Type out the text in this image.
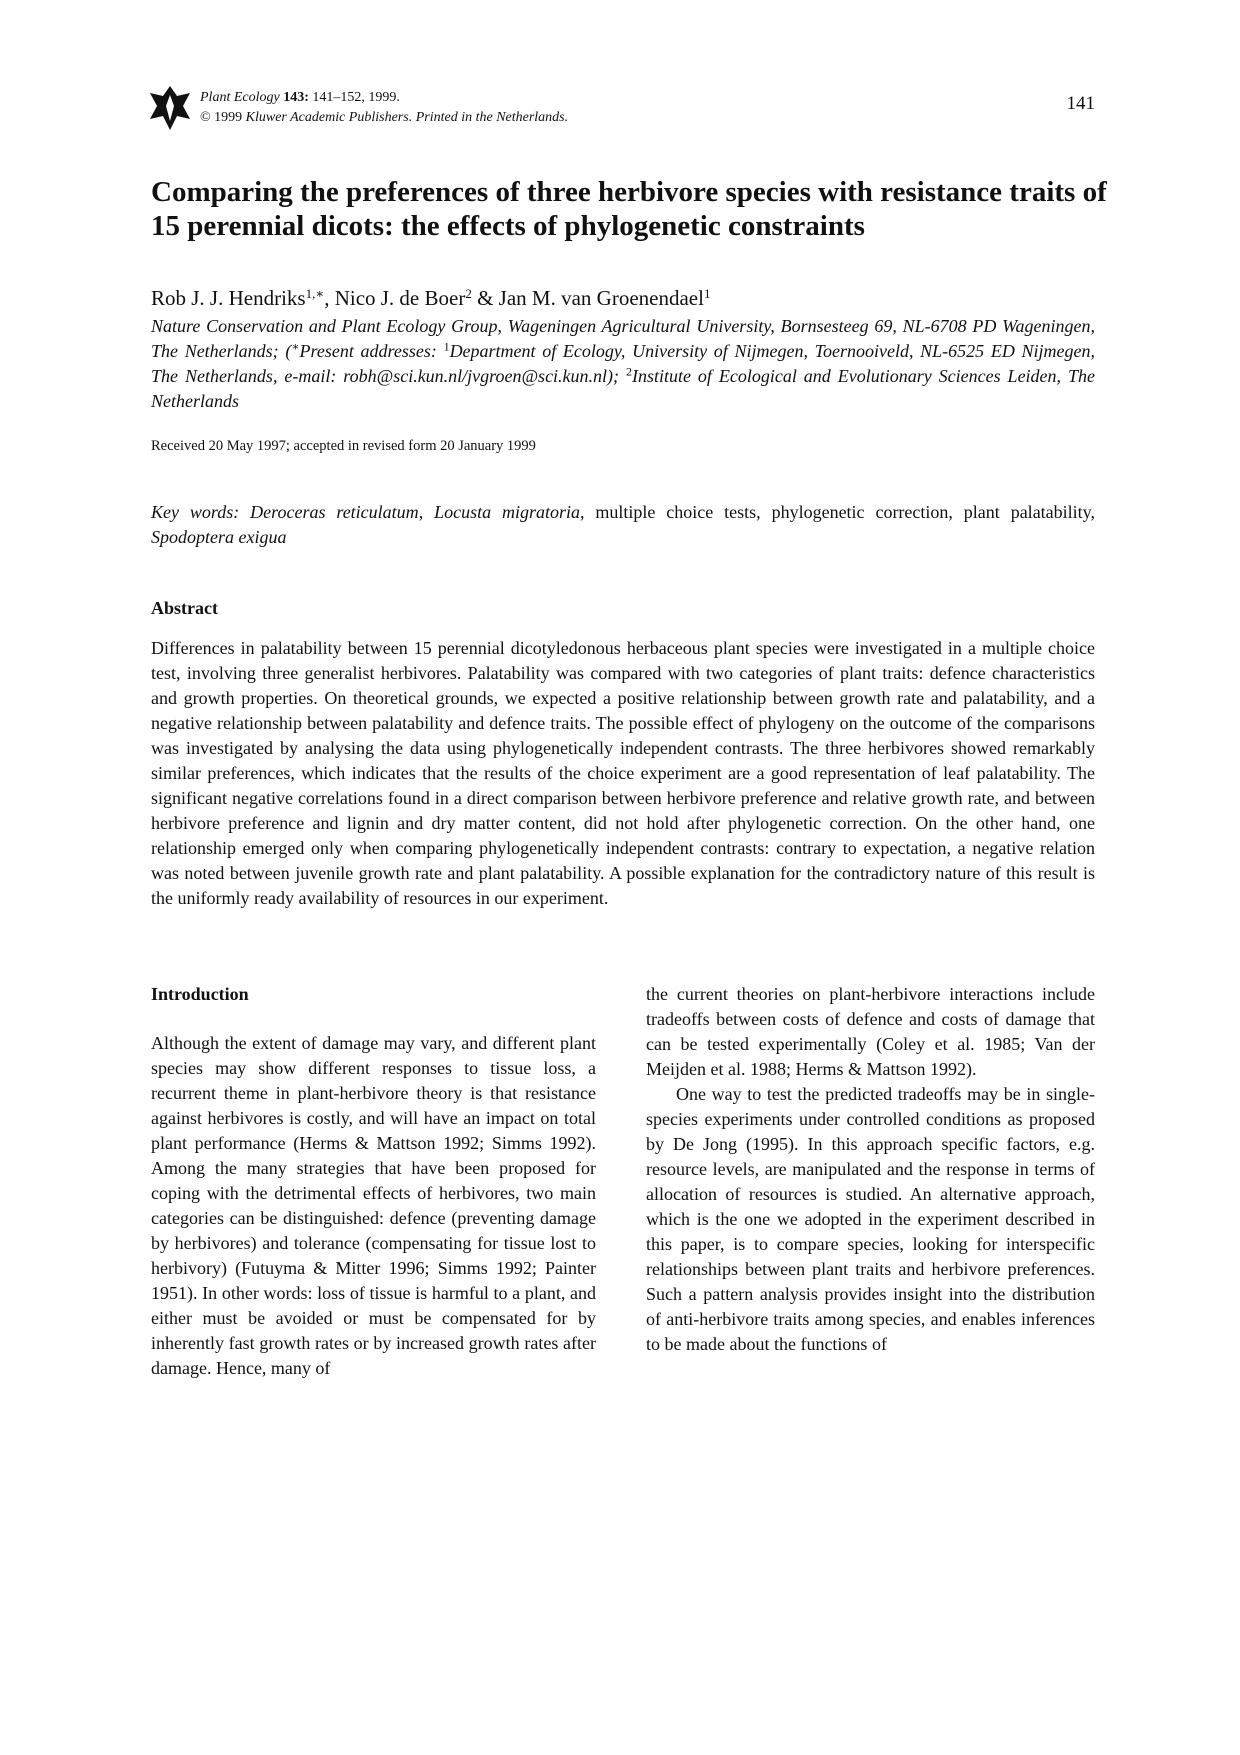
Plant Ecology 143: 141–152, 1999.
© 1999 Kluwer Academic Publishers. Printed in the Netherlands.
141
Comparing the preferences of three herbivore species with resistance traits of 15 perennial dicots: the effects of phylogenetic constraints
Rob J. J. Hendriks$^{1,∗}$, Nico J. de Boer$^2$ & Jan M. van Groenendael$^1$
Nature Conservation and Plant Ecology Group, Wageningen Agricultural University, Bornsesteeg 69, NL-6708 PD Wageningen, The Netherlands; (∗Present addresses: $^1$Department of Ecology, University of Nijmegen, Toernooiveld, NL-6525 ED Nijmegen, The Netherlands, e-mail: robh@sci.kun.nl/jvgroen@sci.kun.nl); $^2$Institute of Ecological and Evolutionary Sciences Leiden, The Netherlands
Received 20 May 1997; accepted in revised form 20 January 1999
Key words: Deroceras reticulatum, Locusta migratoria, multiple choice tests, phylogenetic correction, plant palatability, Spodoptera exigua
Abstract

Differences in palatability between 15 perennial dicotyledonous herbaceous plant species were investigated in a multiple choice test, involving three generalist herbivores. Palatability was compared with two categories of plant traits: defence characteristics and growth properties. On theoretical grounds, we expected a positive relationship between growth rate and palatability, and a negative relationship between palatability and defence traits. The possible effect of phylogeny on the outcome of the comparisons was investigated by analysing the data using phylogenetically independent contrasts. The three herbivores showed remarkably similar preferences, which indicates that the results of the choice experiment are a good representation of leaf palatability. The significant negative correlations found in a direct comparison between herbivore preference and relative growth rate, and between herbivore preference and lignin and dry matter content, did not hold after phylogenetic correction. On the other hand, one relationship emerged only when comparing phylogenetically independent contrasts: contrary to expectation, a negative relation was noted between juvenile growth rate and plant palatability. A possible explanation for the contradictory nature of this result is the uniformly ready availability of resources in our experiment.

Introduction

Although the extent of damage may vary, and different plant species may show different responses to tissue loss, a recurrent theme in plant-herbivore theory is that resistance against herbivores is costly, and will have an impact on total plant performance (Herms & Mattson 1992; Simms 1992). Among the many strategies that have been proposed for coping with the detrimental effects of herbivores, two main categories can be distinguished: defence (preventing damage by herbivores) and tolerance (compensating for tissue lost to herbivory) (Futuyma & Mitter 1996; Simms 1992; Painter 1951). In other words: loss of tissue is harmful to a plant, and either must be avoided or must be compensated for by inherently fast growth rates or by increased growth rates after damage. Hence, many of

the current theories on plant-herbivore interactions include tradeoffs between costs of defence and costs of damage that can be tested experimentally (Coley et al. 1985; Van der Meijden et al. 1988; Herms & Mattson 1992).

One way to test the predicted tradeoffs may be in single-species experiments under controlled conditions as proposed by De Jong (1995). In this approach specific factors, e.g. resource levels, are manipulated and the response in terms of allocation of resources is studied. An alternative approach, which is the one we adopted in the experiment described in this paper, is to compare species, looking for interspecific relationships between plant traits and herbivore preferences. Such a pattern analysis provides insight into the distribution of anti-herbivore traits among species, and enables inferences to be made about the functions of
